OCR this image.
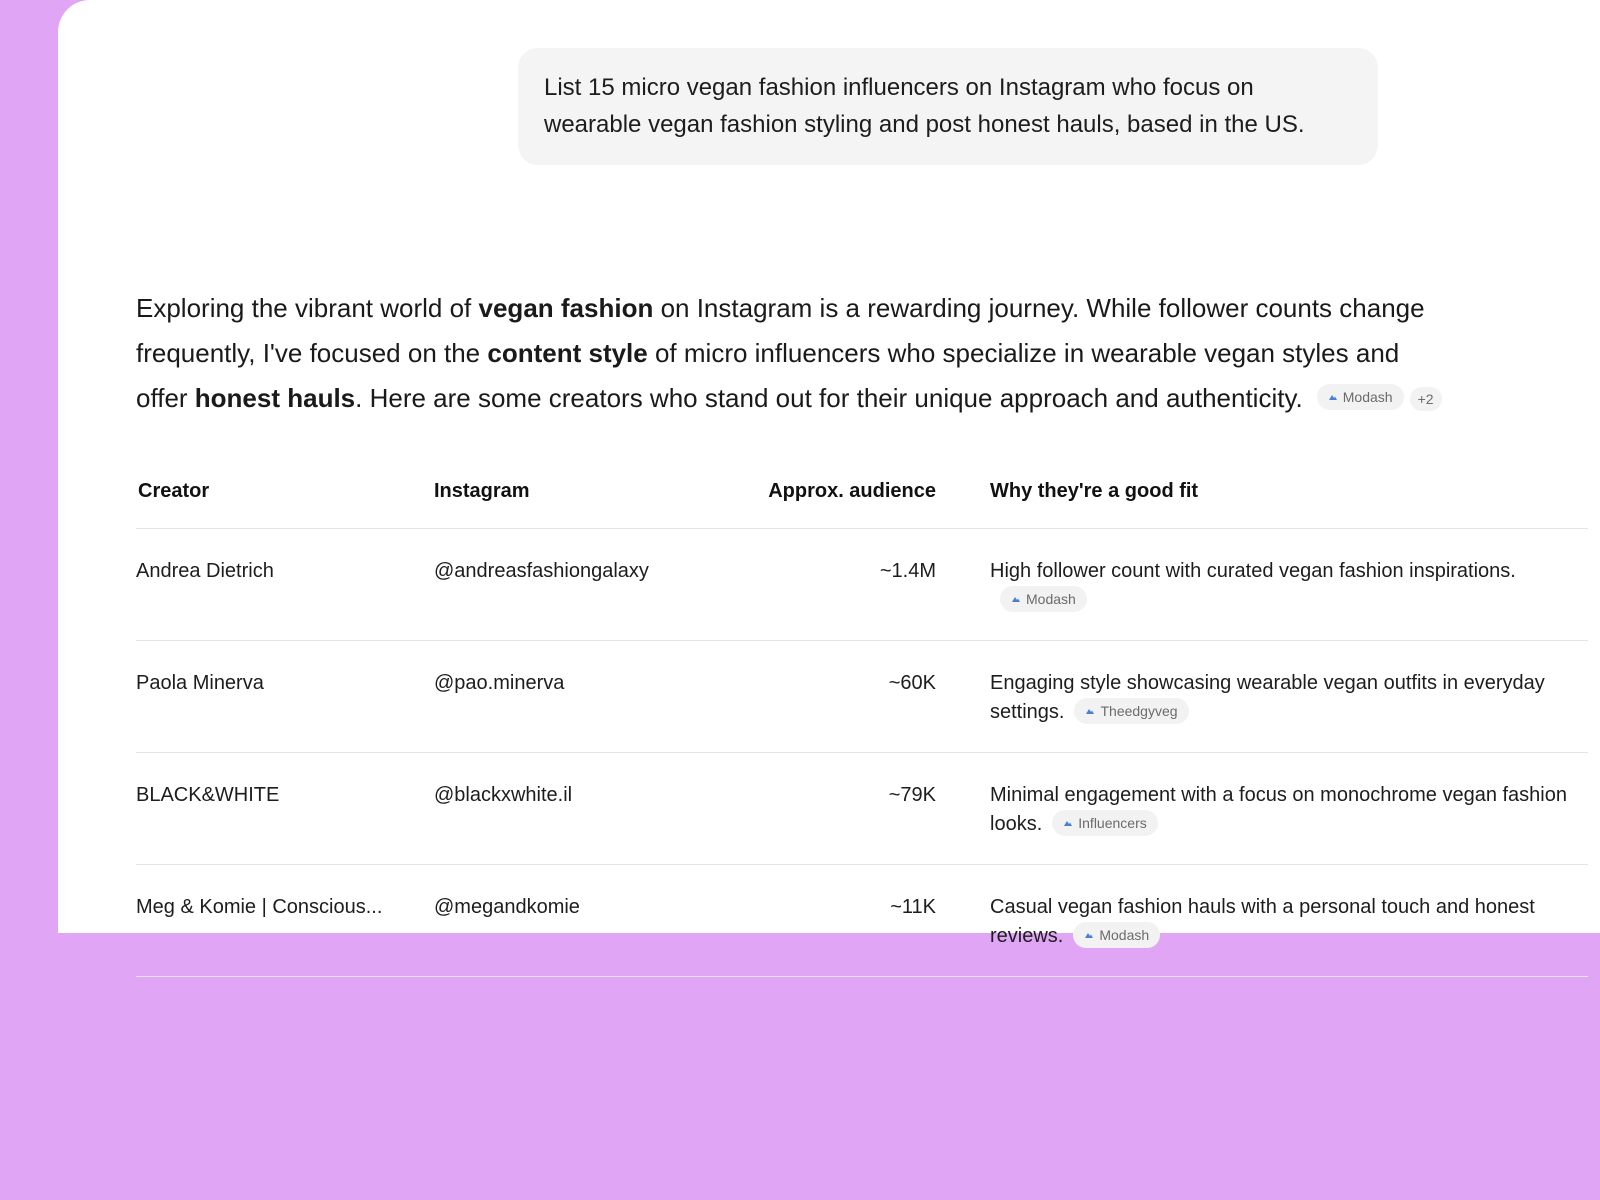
List 15 micro vegan fashion influencers on Instagram who focus on wearable vegan fashion styling and post honest hauls, based in the US.
Exploring the vibrant world of vegan fashion on Instagram is a rewarding journey. While follower counts change frequently, I've focused on the content style of micro influencers who specialize in wearable vegan styles and offer honest hauls. Here are some creators who stand out for their unique approach and authenticity.	Modash +2
Creator	Instagram	Approx. audience	Why they're a good fit
Andrea Dietrich	@andreasfashiongalaxy	~1.4M	High follower count with curated vegan fashion inspirations.
Modash

Paola Minerva	@pao.minerva	~60K	Engaging style showcasing wearable vegan outfits in everyday settings. Theedgyveg

BLACK&WHITE	@blackxwhite.il	~79K	Minimal engagement with a focus on monochrome vegan fashion looks. Influencers

Meg & Komie | Conscious...	@megandkomie	~11K	Casual vegan fashion hauls with a personal touch and honest reviews. Modash
